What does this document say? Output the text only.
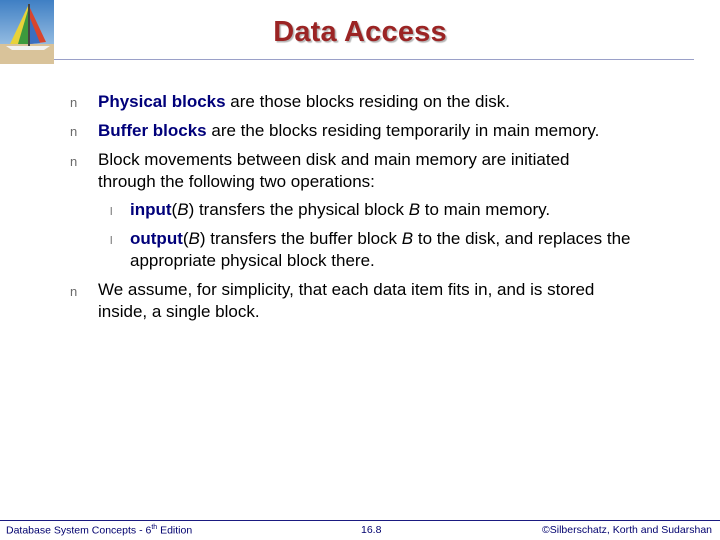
Data Access
n Physical blocks are those blocks residing on the disk.
n Buffer blocks are the blocks residing temporarily in main memory.
n Block movements between disk and main memory are initiated
through the following two operations:
l input(B) transfers the physical block B to main memory.
l output(B) transfers the buffer block B to the disk, and replaces the
appropriate physical block there.
n We assume, for simplicity, that each data item fits in, and is stored
inside, a single block.
Database System Concepts - 6th Edition	16.8	©Silberschatz, Korth and Sudarshan
